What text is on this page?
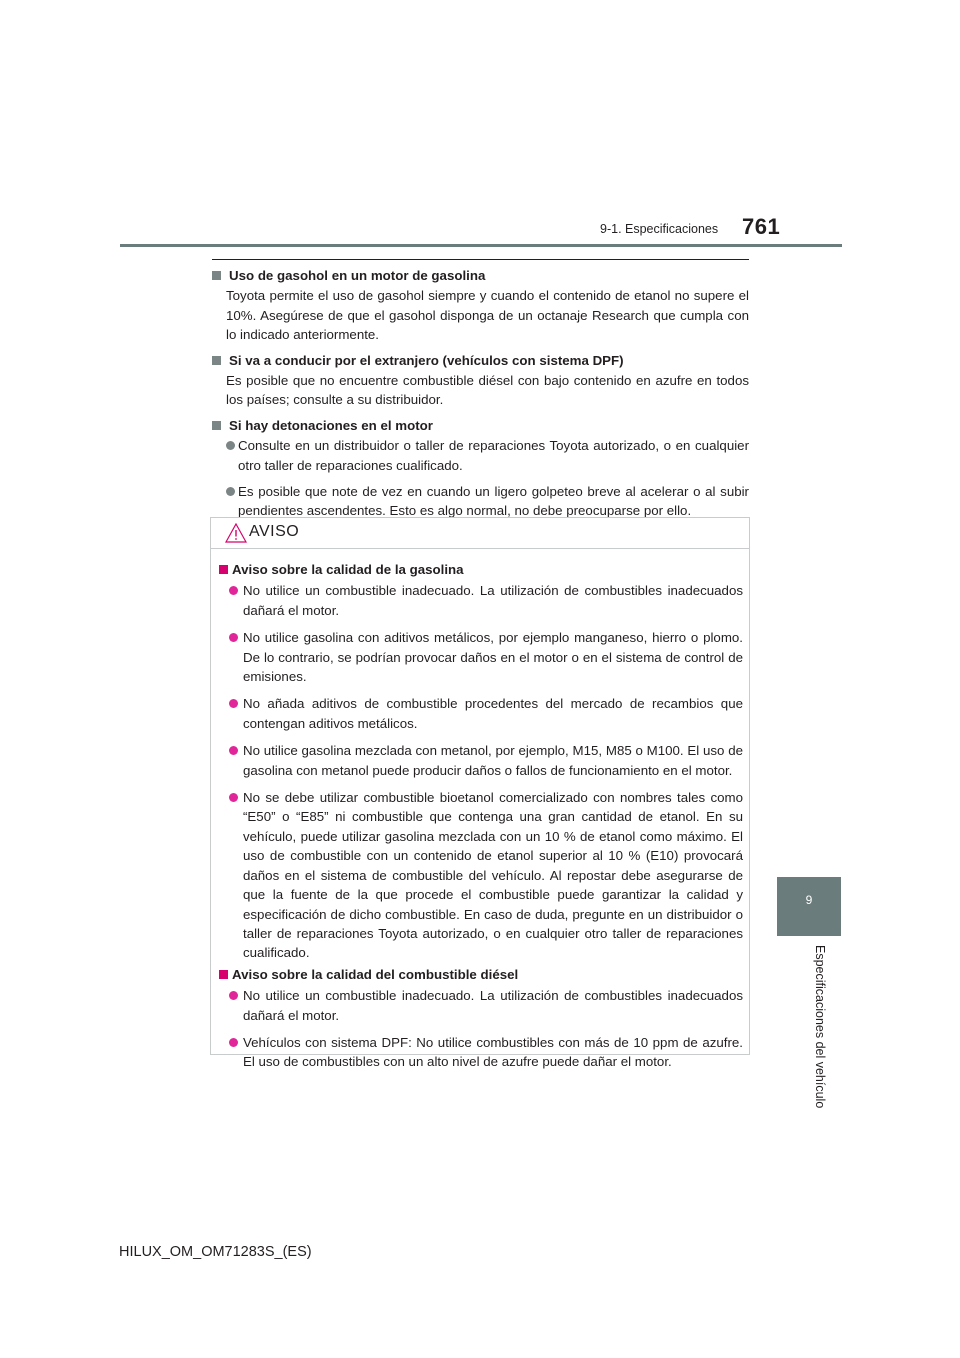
9-1. Especificaciones 761
9
Especificaciones del vehículo

Uso de gasohol en un motor de gasolina

Toyota permite el uso de gasohol siempre y cuando el contenido de etanol no supere el 10%. Asegúrese de que el gasohol disponga de un octanaje Research que cumpla con lo indicado anteriormente.

Si va a conducir por el extranjero (vehículos con sistema DPF)

Es posible que no encuentre combustible diésel con bajo contenido en azufre en todos los países; consulte a su distribuidor.

Si hay detonaciones en el motor

Consulte en un distribuidor o taller de reparaciones Toyota autorizado, o en cualquier otro taller de reparaciones cualificado.
Es posible que note de vez en cuando un ligero golpeteo breve al acelerar o al subir pendientes ascendentes. Esto es algo normal, no debe preocuparse por ello.
AVISO

Aviso sobre la calidad de la gasolina

No utilice un combustible inadecuado. La utilización de combustibles inadecuados dañará el motor.
No utilice gasolina con aditivos metálicos, por ejemplo manganeso, hierro o plomo. De lo contrario, se podrían provocar daños en el motor o en el sistema de control de emisiones.
No añada aditivos de combustible procedentes del mercado de recambios que contengan aditivos metálicos.
No utilice gasolina mezclada con metanol, por ejemplo, M15, M85 o M100. El uso de gasolina con metanol puede producir daños o fallos de funcionamiento en el motor.
No se debe utilizar combustible bioetanol comercializado con nombres tales como “E50” o “E85” ni combustible que contenga una gran cantidad de etanol. En su vehículo, puede utilizar gasolina mezclada con un 10 % de etanol como máximo. El uso de combustible con un contenido de etanol superior al 10 % (E10) provocará daños en el sistema de combustible del vehículo. Al repostar debe asegurarse de que la fuente de la que procede el combustible puede garantizar la calidad y especificación de dicho combustible. En caso de duda, pregunte en un distribuidor o taller de reparaciones Toyota autorizado, o en cualquier otro taller de reparaciones cualificado.

Aviso sobre la calidad del combustible diésel

No utilice un combustible inadecuado. La utilización de combustibles inadecuados dañará el motor.
Vehículos con sistema DPF: No utilice combustibles con más de 10 ppm de azufre. El uso de combustibles con un alto nivel de azufre puede dañar el motor.
HILUX_OM_OM71283S_(ES)
